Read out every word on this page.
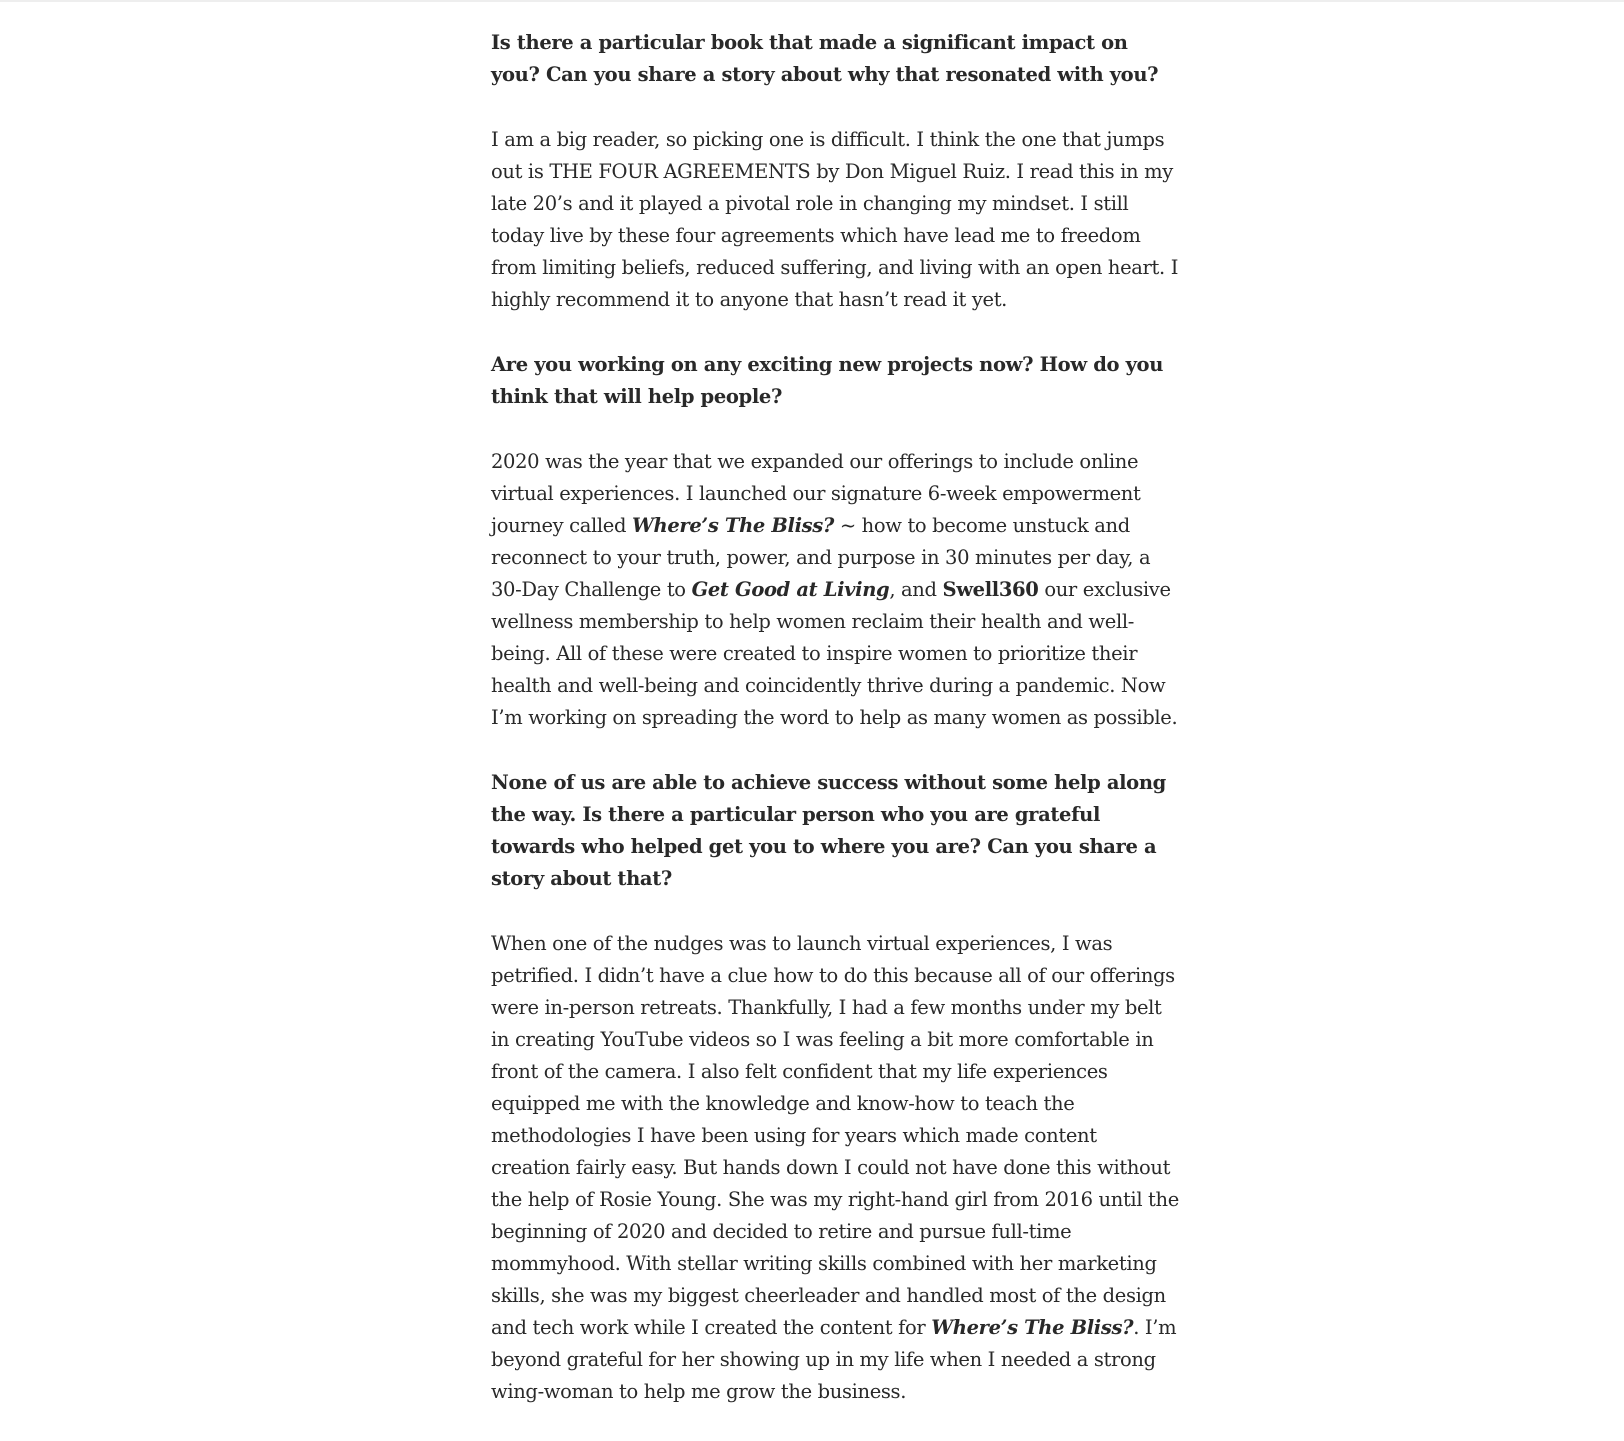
Is there a particular book that made a significant impact on you? Can you share a story about why that resonated with you?

I am a big reader, so picking one is difficult. I think the one that jumps out is THE FOUR AGREEMENTS by Don Miguel Ruiz. I read this in my late 20’s and it played a pivotal role in changing my mindset. I still today live by these four agreements which have lead me to freedom from limiting beliefs, reduced suffering, and living with an open heart. I highly recommend it to anyone that hasn’t read it yet.

Are you working on any exciting new projects now? How do you think that will help people?

2020 was the year that we expanded our offerings to include online virtual experiences. I launched our signature 6-week empowerment journey called Where’s The Bliss? ~ how to become unstuck and reconnect to your truth, power, and purpose in 30 minutes per day, a 30-Day Challenge to Get Good at Living, and Swell360 our exclusive wellness membership to help women reclaim their health and well-being. All of these were created to inspire women to prioritize their health and well-being and coincidently thrive during a pandemic. Now I’m working on spreading the word to help as many women as possible.

None of us are able to achieve success without some help along the way. Is there a particular person who you are grateful towards who helped get you to where you are? Can you share a story about that?

When one of the nudges was to launch virtual experiences, I was petrified. I didn’t have a clue how to do this because all of our offerings were in-person retreats. Thankfully, I had a few months under my belt in creating YouTube videos so I was feeling a bit more comfortable in front of the camera. I also felt confident that my life experiences equipped me with the knowledge and know-how to teach the methodologies I have been using for years which made content creation fairly easy. But hands down I could not have done this without the help of Rosie Young. She was my right-hand girl from 2016 until the beginning of 2020 and decided to retire and pursue full-time mommyhood. With stellar writing skills combined with her marketing skills, she was my biggest cheerleader and handled most of the design and tech work while I created the content for Where’s The Bliss?. I’m beyond grateful for her showing up in my life when I needed a strong wing-woman to help me grow the business.
